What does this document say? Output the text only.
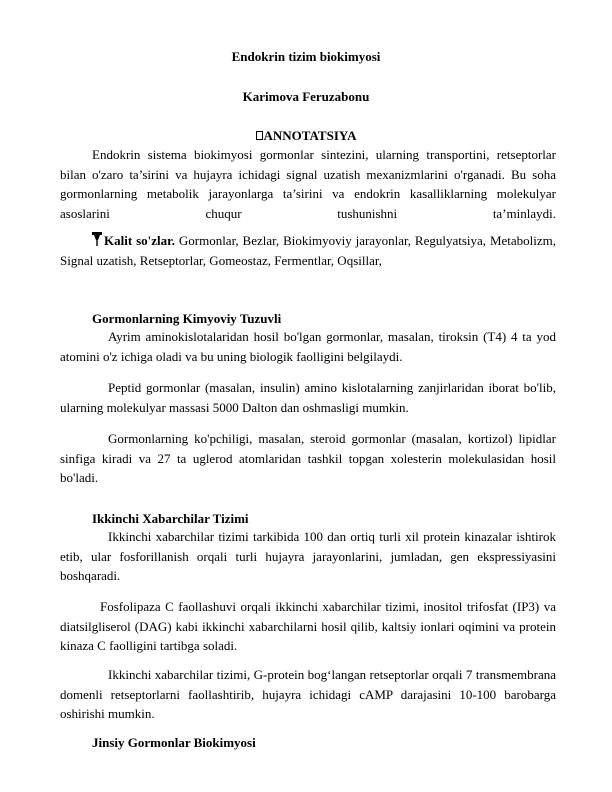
Endokrin tizim biokimyosi
Karimova Feruzabonu
ANNOTATSIYA
Endokrin sistema biokimyosi gormonlar sintezini, ularning transportini, retseptorlar bilan o'zaro ta’sirini va hujayra ichidagi signal uzatish mexanizmlarini o'rganadi. Bu soha gormonlarning metabolik jarayonlarga ta’sirini va endokrin kasalliklarning molekulyar asoslarini chuqur tushunishni ta’minlaydi.
Kalit so'zlar. Gormonlar, Bezlar, Biokimyoviy jarayonlar, Regulyatsiya, Metabolizm, Signal uzatish, Retseptorlar, Gomeostaz, Fermentlar, Oqsillar,
Gormonlarning Kimyoviy Tuzuvli
Ayrim aminokislotalaridan hosil bo'lgan gormonlar, masalan, tiroksin (T4) 4 ta yod atomini o'z ichiga oladi va bu uning biologik faolligini belgilaydi.
Peptid gormonlar (masalan, insulin) amino kislotalarning zanjirlaridan iborat bo'lib, ularning molekulyar massasi 5000 Dalton dan oshmasligi mumkin.
Gormonlarning ko'pchiligi, masalan, steroid gormonlar (masalan, kortizol) lipidlar sinfiga kiradi va 27 ta uglerod atomlaridan tashkil topgan xolesterin molekulasidan hosil bo'ladi.
Ikkinchi Xabarchilar Tizimi
Ikkinchi xabarchilar tizimi tarkibida 100 dan ortiq turli xil protein kinazalar ishtirok etib, ular fosforillanish orqali turli hujayra jarayonlarini, jumladan, gen ekspressiyasini boshqaradi.
Fosfolipaza C faollashuvi orqali ikkinchi xabarchilar tizimi, inositol trifosfat (IP3) va diatsilgliserol (DAG) kabi ikkinchi xabarchilarni hosil qilib, kaltsiy ionlari oqimini va protein kinaza C faolligini tartibga soladi.
Ikkinchi xabarchilar tizimi, G-protein bog‘langan retseptorlar orqali 7 transmembrana domenli retseptorlarni faollashtirib, hujayra ichidagi cAMP darajasini 10-100 barobarga oshirishi mumkin.
Jinsiy Gormonlar Biokimyosi
